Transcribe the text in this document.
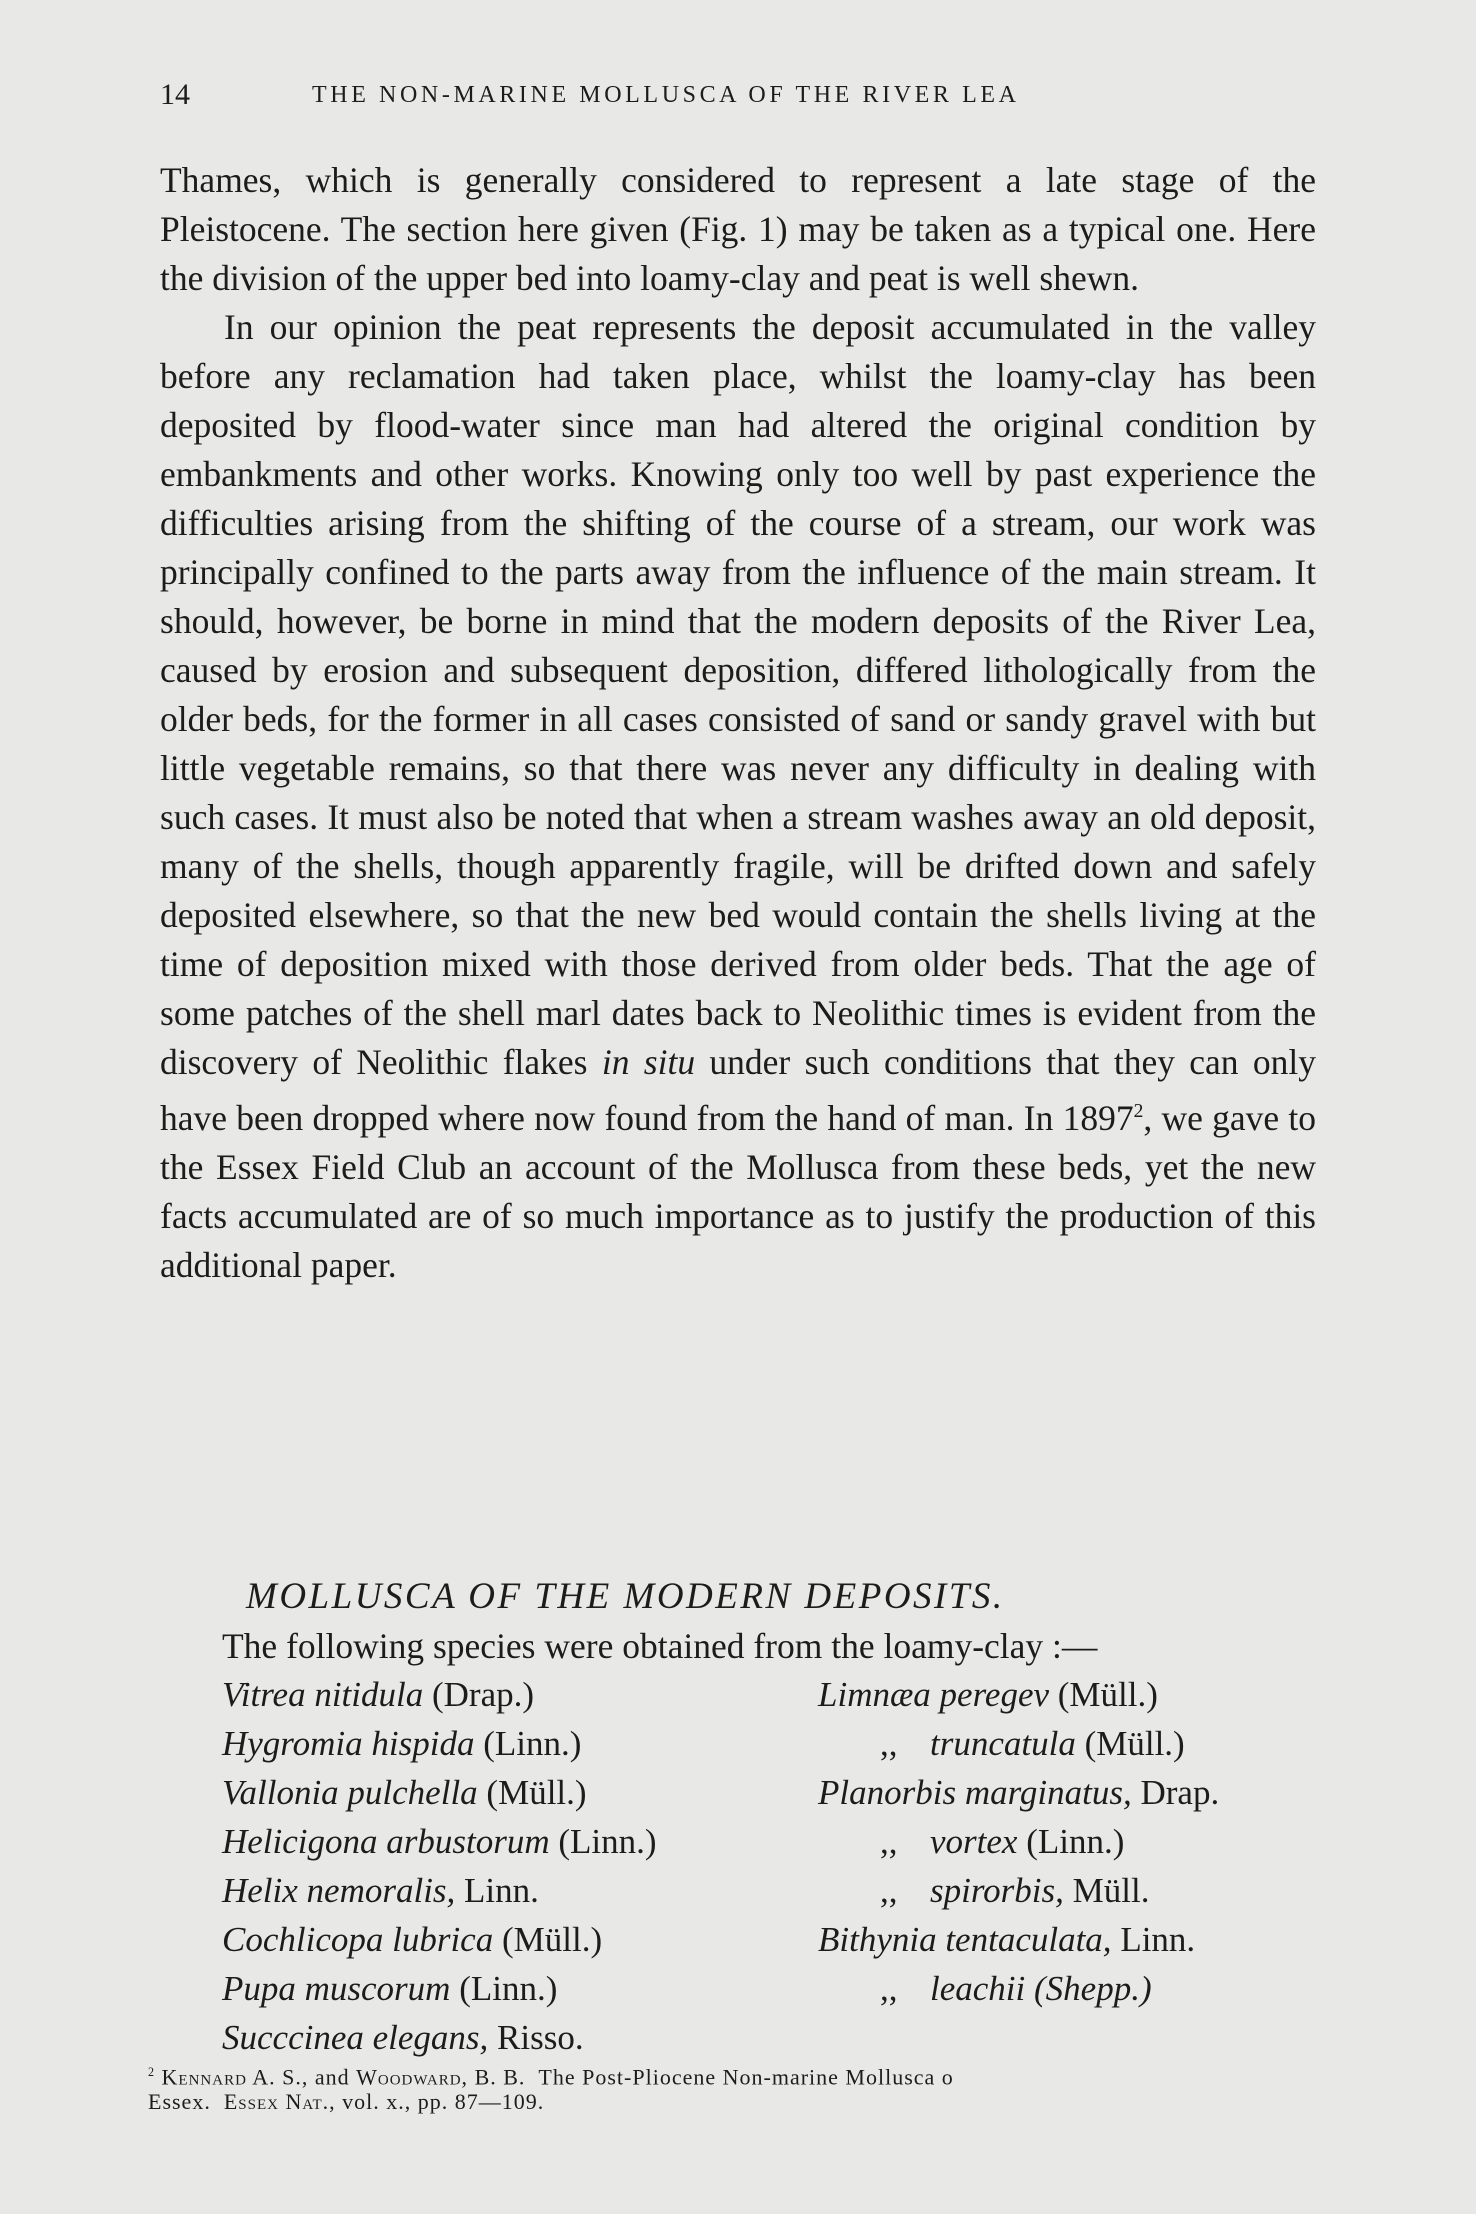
14	THE NON-MARINE MOLLUSCA OF THE RIVER LEA

Thames, which is generally considered to represent a late stage of the Pleistocene. The section here given (Fig. 1) may be taken as a typical one. Here the division of the upper bed into loamy-clay and peat is well shewn.

In our opinion the peat represents the deposit accumulated in the valley before any reclamation had taken place, whilst the loamy-clay has been deposited by flood-water since man had altered the original condition by embankments and other works. Knowing only too well by past experience the difficulties arising from the shifting of the course of a stream, our work was principally confined to the parts away from the influence of the main stream. It should, however, be borne in mind that the modern deposits of the River Lea, caused by erosion and subsequent deposition, differed lithologically from the older beds, for the former in all cases consisted of sand or sandy gravel with but little vegetable remains, so that there was never any difficulty in dealing with such cases. It must also be noted that when a stream washes away an old deposit, many of the shells, though apparently fragile, will be drifted down and safely deposited elsewhere, so that the new bed would contain the shells living at the time of deposition mixed with those derived from older beds. That the age of some patches of the shell marl dates back to Neolithic times is evident from the discovery of Neolithic flakes in situ under such conditions that they can only have been dropped where now found from the hand of man. In 1897$^2$, we gave to the Essex Field Club an account of the Mollusca from these beds, yet the new facts accumulated are of so much importance as to justify the production of this additional paper.

MOLLUSCA OF THE MODERN DEPOSITS.
The following species were obtained from the loamy-clay :—
Vitrea nitidula (Drap.)
Hygromia hispida (Linn.)
Vallonia pulchella (Müll.)
Helicigona arbustorum (Linn.)
Helix nemoralis, Linn.
Cochlicopa lubrica (Müll.)
Pupa muscorum (Linn.)
Succcinea elegans, Risso.
Limnæa peregev (Müll.)
,, truncatula (Müll.)
Planorbis marginatus, Drap.
,, vortex (Linn.)
,, spirorbis, Müll.
Bithynia tentaculata, Linn.
,, leachii (Shepp.)
$^2$ Kennard A. S., and Woodward, B. B. The Post-Pliocene Non-marine Mollusca o
Essex. Essex Nat., vol. x., pp. 87—109.
